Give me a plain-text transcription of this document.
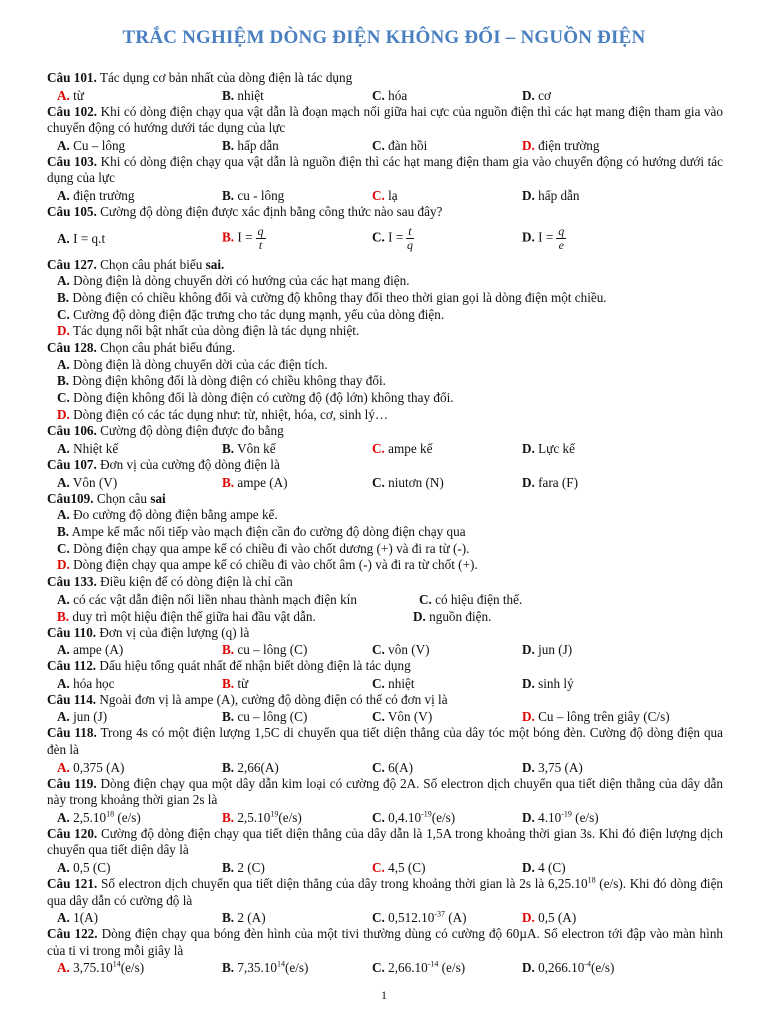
TRẮC NGHIỆM DÒNG ĐIỆN KHÔNG ĐỔI – NGUỒN ĐIỆN
Câu 101. Tác dụng cơ bản nhất của dòng điện là tác dụng
A. từ	B. nhiệt	C. hóa	D. cơ
Câu 102. Khi có dòng điện chạy qua vật dẫn là đoạn mạch nối giữa hai cực của nguồn điện thì các hạt mang điện tham gia vào chuyển động có hướng dưới tác dụng của lực
A. Cu – lông	B. hấp dẫn	C. đàn hồi	D. điện trường
Câu 103. Khi có dòng điện chạy qua vật dẫn là nguồn điện thì các hạt mang điện tham gia vào chuyển động có hướng dưới tác dụng của lực
A. điện trường	B. cu - lông	C. lạ	D. hấp dẫn
Câu 105. Cường độ dòng điện được xác định bằng công thức nào sau đây?
A. I = q.t	B. $I = \frac{q}{t}$	C. $I = \frac{t}{q}$	D. $I = \frac{q}{e}$
Câu 127. Chọn câu phát biểu sai.
A. Dòng điện là dòng chuyển dời có hướng của các hạt mang điện.
B. Dòng điện có chiều không đổi và cường độ không thay đổi theo thời gian gọi là dòng điện một chiều.
C. Cường độ dòng điện đặc trưng cho tác dụng mạnh, yếu của dòng điện.
D. Tác dụng nổi bật nhất của dòng điện là tác dụng nhiệt.
Câu 128. Chọn câu phát biểu đúng.
A. Dòng điện là dòng chuyển dời của các điện tích.
B. Dòng điện không đổi là dòng điện có chiều không thay đổi.
C. Dòng điện không đổi là dòng điện có cường độ (độ lớn) không thay đổi.
D. Dòng điện có các tác dụng như: từ, nhiệt, hóa, cơ, sinh lý…
Câu 106. Cường độ dòng điện được đo bằng
A. Nhiệt kế	B. Vôn kế	C. ampe kế	D. Lực kế
Câu 107. Đơn vị của cường độ dòng điện là
A. Vôn (V)	B. ampe (A)	C. niutơn (N)	D. fara (F)
Câu109. Chọn câu sai
A. Đo cường độ dòng điện bằng ampe kế.
B. Ampe kế mắc nối tiếp vào mạch điện cần đo cường độ dòng điện chạy qua
C. Dòng điện chạy qua ampe kế có chiều đi vào chốt dương (+) và đi ra từ (-).
D. Dòng điện chạy qua ampe kế có chiều đi vào chốt âm (-) và đi ra từ chốt (+).
Câu 133. Điều kiện để có dòng điện là chỉ cần
A. có các vật dẫn điện nối liền nhau thành mạch điện kín	C. có hiệu điện thế.
B. duy trì một hiệu điện thế giữa hai đầu vật dẫn.	D. nguồn điện.
Câu 110. Đơn vị của điện lượng (q) là
A. ampe (A)	B. cu – lông (C)	C. vôn (V)	D. jun (J)
Câu 112. Dấu hiệu tổng quát nhất để nhận biết dòng điện là tác dụng
A. hóa học	B. từ	C. nhiệt	D. sinh lý
Câu 114. Ngoài đơn vị là ampe (A), cường độ dòng điện có thể có đơn vị là
A. jun (J)	B. cu – lông (C)	C. Vôn (V)	D. Cu – lông trên giây (C/s)
Câu 118. Trong 4s có một điện lượng 1,5C di chuyển qua tiết diện thẳng của dây tóc một bóng đèn. Cường độ dòng điện qua đèn là
A. 0,375 (A)	B. 2,66(A)	C. 6(A)	D. 3,75 (A)
Câu 119. Dòng điện chạy qua một dây dẫn kim loại có cường độ 2A. Số electron dịch chuyển qua tiết diện thẳng của dây dẫn này trong khoảng thời gian 2s là
A. 2,5.10$^{18}$ (e/s)	B. 2,5.10$^{19}$(e/s)	C. $0,4.10^{-19}(e/s)$	D. $4.10^{-19}$ (e/s)
Câu 120. Cường độ dòng điện chạy qua tiết diện thẳng của dây dẫn là 1,5A trong khoảng thời gian 3s. Khi đó điện lượng dịch chuyển qua tiết diện dây là
A. 0,5 (C)	B. 2 (C)	C. 4,5 (C)	D. 4 (C)
Câu 121. Số electron dịch chuyển qua tiết diện thẳng của dây trong khoảng thời gian là 2s là 6,25.10$^{18}$ (e/s). Khi đó dòng điện qua dây dẫn có cường độ là
A. 1(A)	B. 2 (A)	C. $0,512.10^{-37}$ (A)	D. 0,5 (A)
Câu 122. Dòng điện chạy qua bóng đèn hình của một tivi thường dùng có cường độ 60µA. Số electron tới đập vào màn hình của ti vi trong mỗi giây là
A. 3,75.10$^{14}$(e/s)	B. 7,35.10$^{14}$(e/s)	C. $2,66.10^{-14}$ (e/s)	D. $0,266.10^{-4}(e/s)$
1
